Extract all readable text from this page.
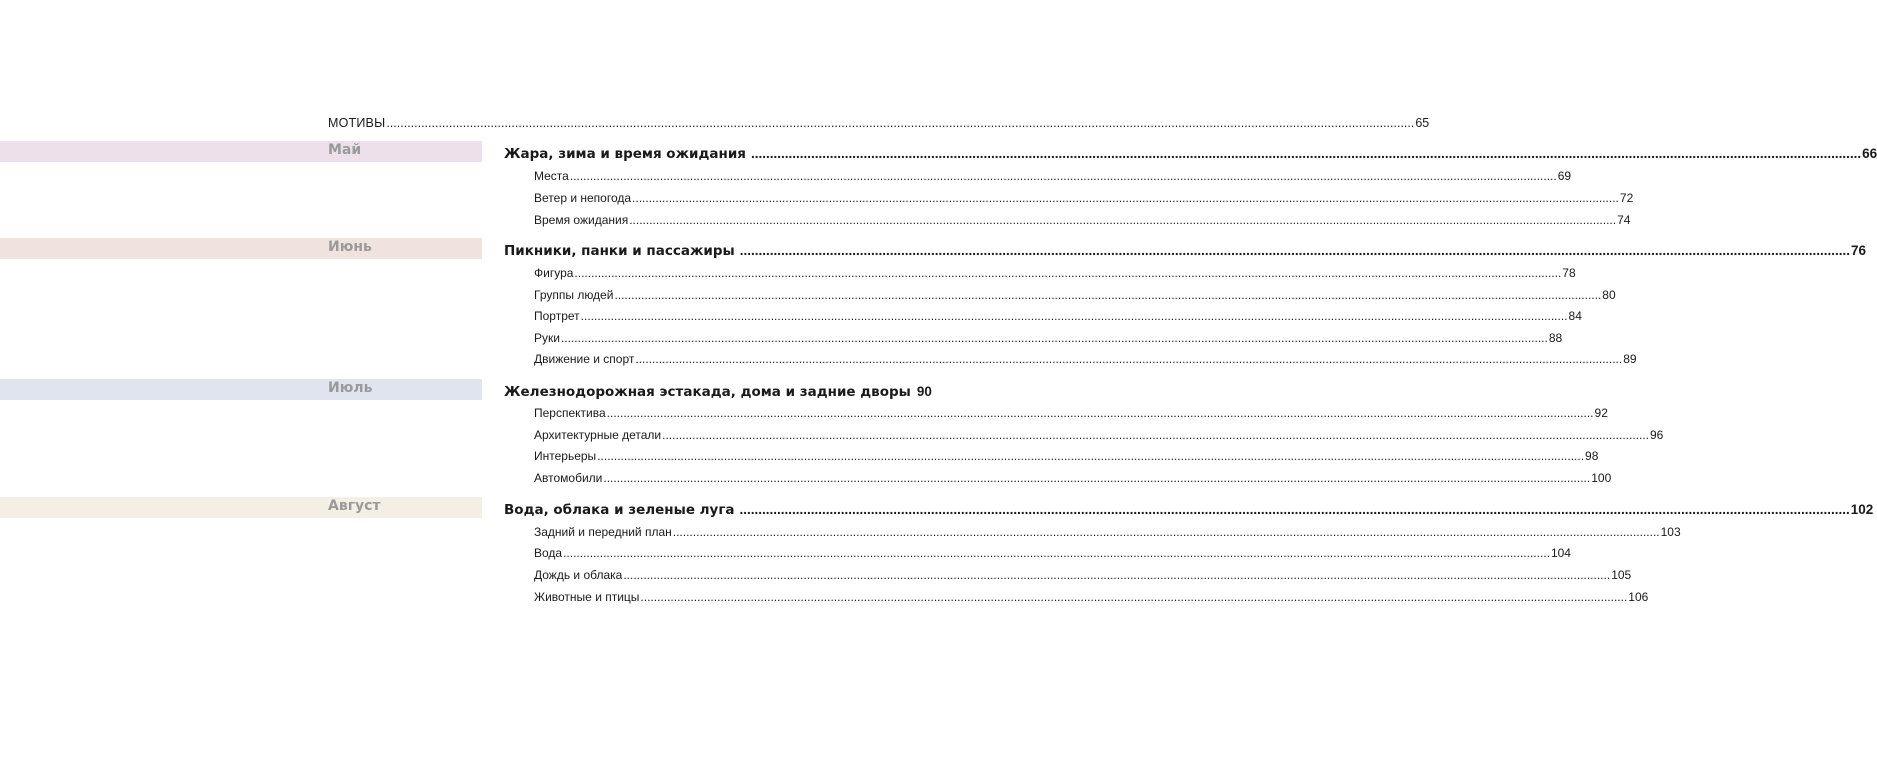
МОТИВЫ .....	65
Май	Жара, зима и время ожидания .....	66
Места .....	69
Ветер и непогода .....	72
Время ожидания .....	74
Июнь	Пикники, панки и пассажиры .....	76
Фигура .....	78
Группы людей .....	80
Портрет .....	84
Руки .....	88
Движение и спорт .....	89
Июль	Железнодорожная эстакада, дома и задние дворы 90
Перспектива .....	92
Архитектурные детали .....	96
Интерьеры .....	98
Автомобили .....	100
Август	Вода, облака и зеленые луга .....	102
Задний и передний план .....	103
Вода .....	104
Дождь и облака .....	105
Животные и птицы .....	106
